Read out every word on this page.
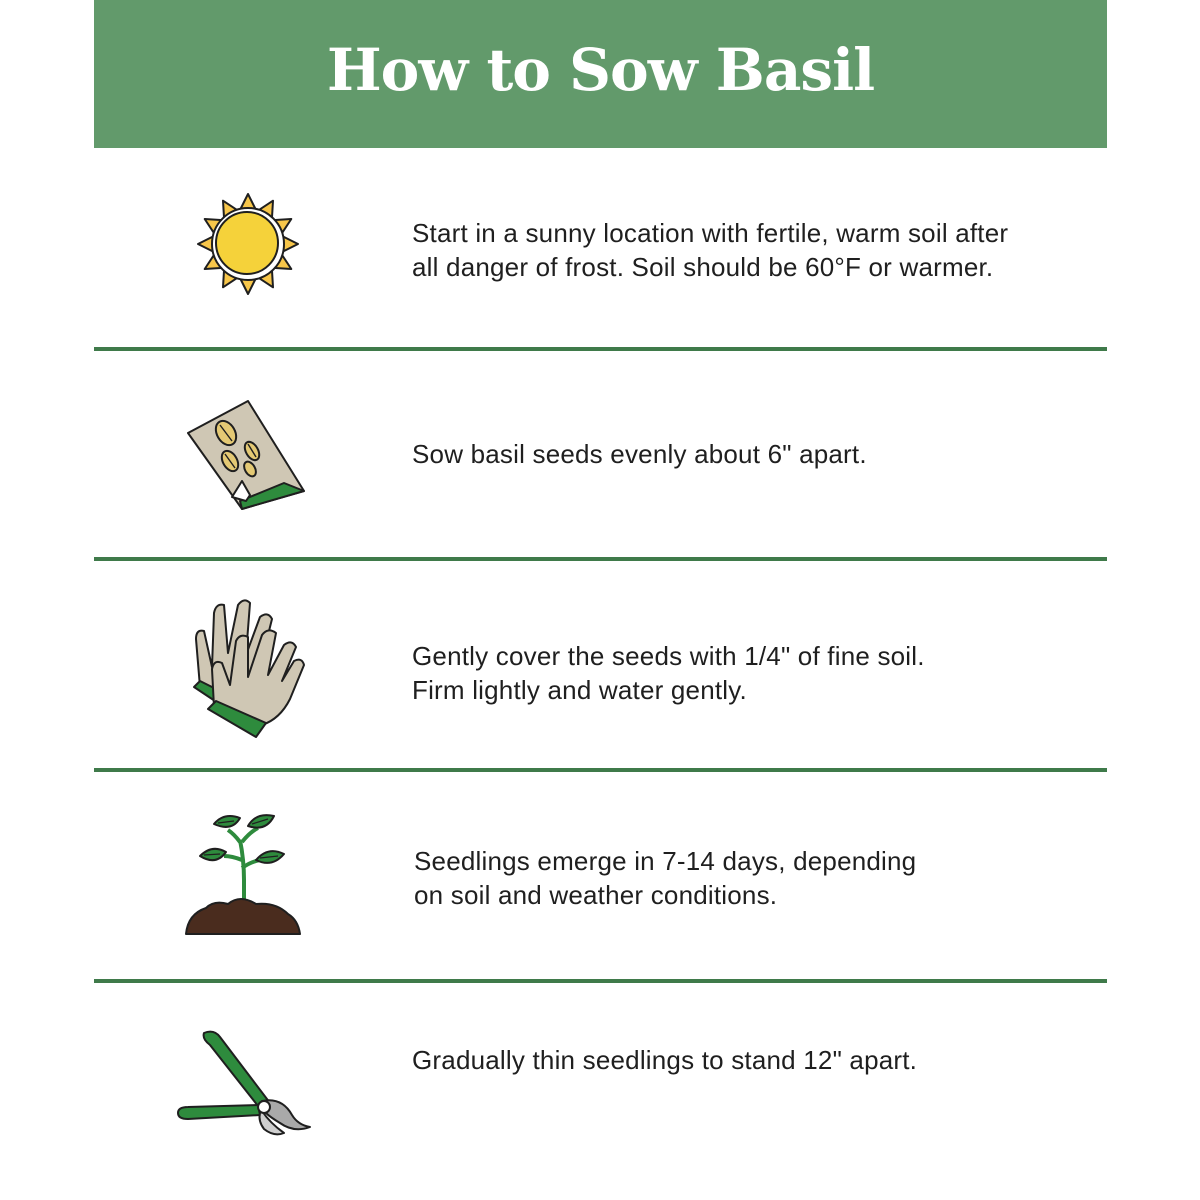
How to Sow Basil
Start in a sunny location with fertile, warm soil after
all danger of frost. Soil should be 60°F or warmer.
Sow basil seeds evenly about 6" apart.
Gently cover the seeds with 1/4" of fine soil.
Firm lightly and water gently.
Seedlings emerge in 7-14 days, depending
on soil and weather conditions.
Gradually thin seedlings to stand 12" apart.
